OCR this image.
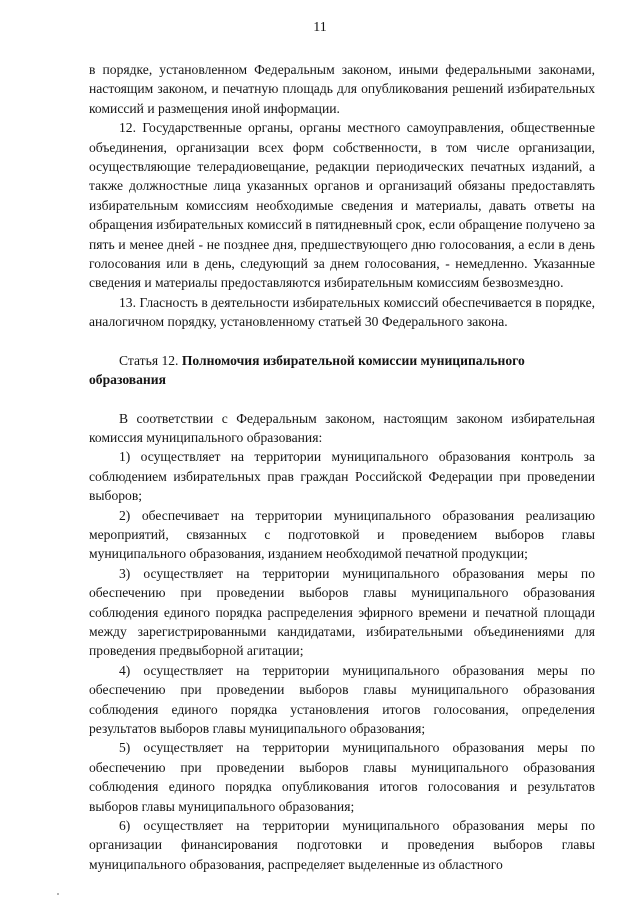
11

в порядке, установленном Федеральным законом, иными федеральными законами, настоящим законом, и печатную площадь для опубликования решений избирательных комиссий и размещения иной информации.

12. Государственные органы, органы местного самоуправления, общественные объединения, организации всех форм собственности, в том числе организации, осуществляющие телерадиовещание, редакции периодических печатных изданий, а также должностные лица указанных органов и организаций обязаны предоставлять избирательным комиссиям необходимые сведения и материалы, давать ответы на обращения избирательных комиссий в пятидневный срок, если обращение получено за пять и менее дней - не позднее дня, предшествующего дню голосования, а если в день голосования или в день, следующий за днем голосования, - немедленно. Указанные сведения и материалы предоставляются избирательным комиссиям безвозмездно.

13. Гласность в деятельности избирательных комиссий обеспечивается в порядке, аналогичном порядку, установленному статьей 30 Федерального закона.

Статья 12. Полномочия избирательной комиссии муниципального образования

В соответствии с Федеральным законом, настоящим законом избирательная комиссия муниципального образования:

1) осуществляет на территории муниципального образования контроль за соблюдением избирательных прав граждан Российской Федерации при проведении выборов;

2) обеспечивает на территории муниципального образования реализацию мероприятий, связанных с подготовкой и проведением выборов главы муниципального образования, изданием необходимой печатной продукции;

3) осуществляет на территории муниципального образования меры по обеспечению при проведении выборов главы муниципального образования соблюдения единого порядка распределения эфирного времени и печатной площади между зарегистрированными кандидатами, избирательными объединениями для проведения предвыборной агитации;

4) осуществляет на территории муниципального образования меры по обеспечению при проведении выборов главы муниципального образования соблюдения единого порядка установления итогов голосования, определения результатов выборов главы муниципального образования;

5) осуществляет на территории муниципального образования меры по обеспечению при проведении выборов главы муниципального образования соблюдения единого порядка опубликования итогов голосования и результатов выборов главы муниципального образования;

6) осуществляет на территории муниципального образования меры по организации финансирования подготовки и проведения выборов главы муниципального образования, распределяет выделенные из областного
